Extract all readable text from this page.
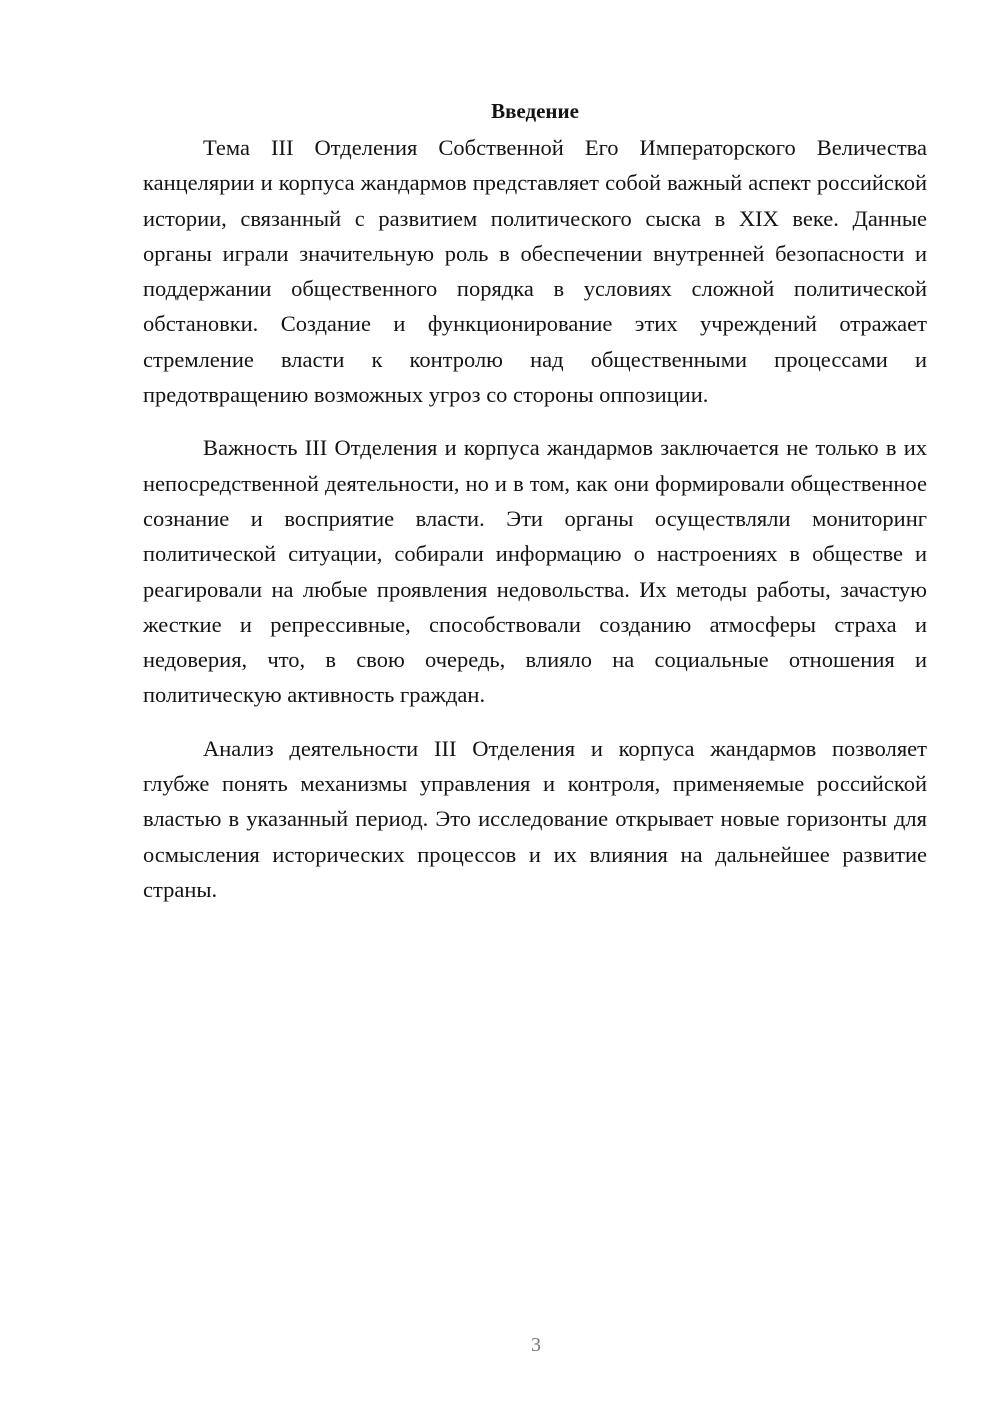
Введение

Тема III Отделения Собственной Его Императорского Величества канцелярии и корпуса жандармов представляет собой важный аспект российской истории, связанный с развитием политического сыска в XIX веке. Данные органы играли значительную роль в обеспечении внутренней безопасности и поддержании общественного порядка в условиях сложной политической обстановки. Создание и функционирование этих учреждений отражает стремление власти к контролю над общественными процессами и предотвращению возможных угроз со стороны оппозиции.

Важность III Отделения и корпуса жандармов заключается не только в их непосредственной деятельности, но и в том, как они формировали общественное сознание и восприятие власти. Эти органы осуществляли мониторинг политической ситуации, собирали информацию о настроениях в обществе и реагировали на любые проявления недовольства. Их методы работы, зачастую жесткие и репрессивные, способствовали созданию атмосферы страха и недоверия, что, в свою очередь, влияло на социальные отношения и политическую активность граждан.

Анализ деятельности III Отделения и корпуса жандармов позволяет глубже понять механизмы управления и контроля, применяемые российской властью в указанный период. Это исследование открывает новые горизонты для осмысления исторических процессов и их влияния на дальнейшее развитие страны.

3
